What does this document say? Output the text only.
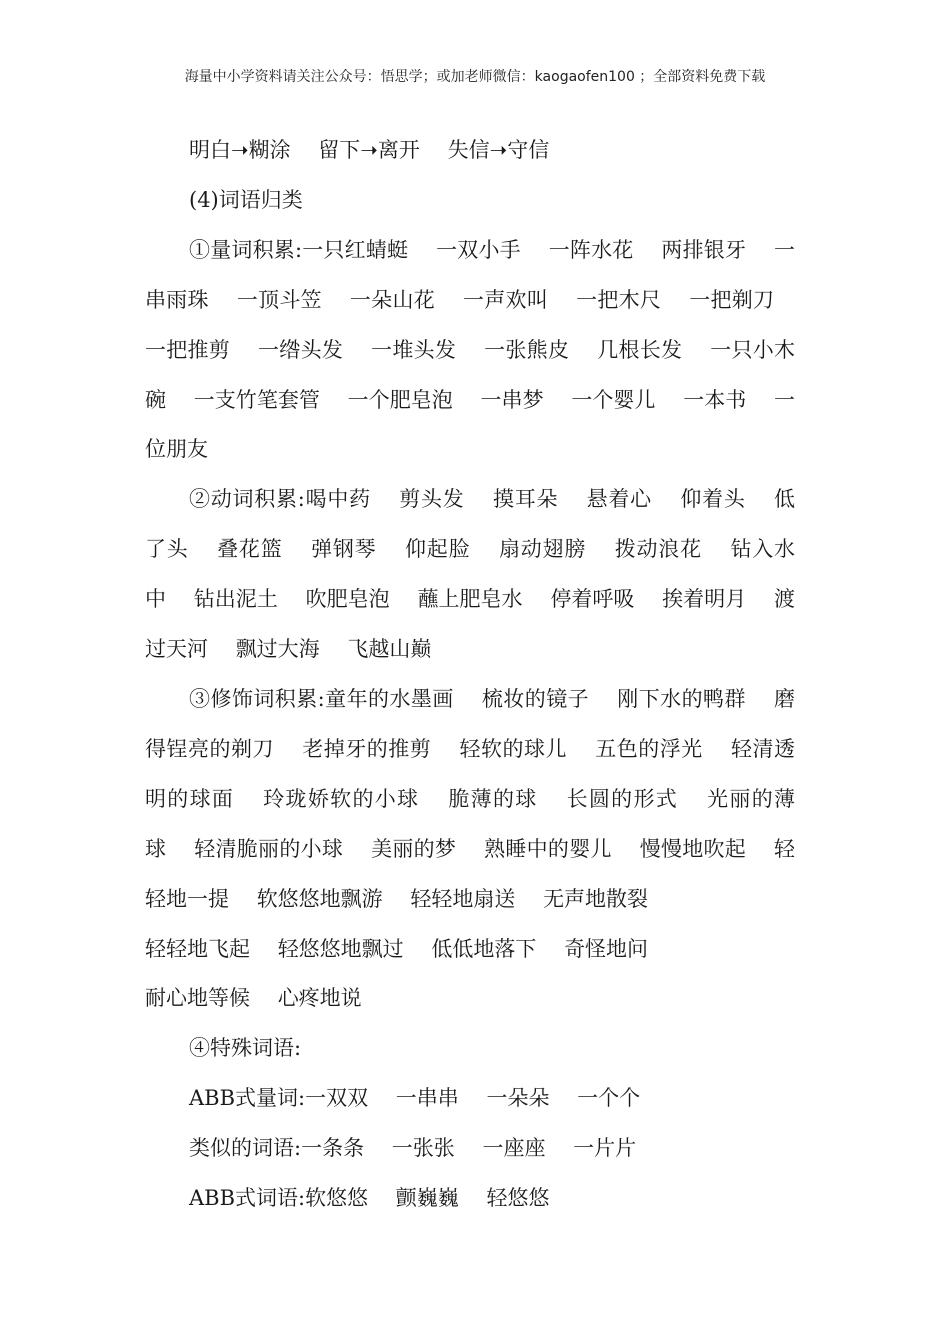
海量中小学资料请关注公众号：悟思学；或加老师微信：kaogaofen100 ；全部资料免费下载

明白➝糊涂 留下➝离开 失信➝守信

(4)词语归类

①量词积累:一只红蜻蜓 一双小手 一阵水花 两排银牙 一串雨珠 一顶斗笠 一朵山花 一声欢叫 一把木尺 一把剃刀 一把推剪 一绺头发 一堆头发 一张熊皮 几根长发 一只小木碗 一支竹笔套管 一个肥皂泡 一串梦 一个婴儿 一本书 一位朋友

②动词积累:喝中药 剪头发 摸耳朵 悬着心 仰着头 低了头 叠花篮 弹钢琴 仰起脸 扇动翅膀 拨动浪花 钻入水中 钻出泥土 吹肥皂泡 蘸上肥皂水 停着呼吸 挨着明月 渡过天河 飘过大海 飞越山巅

③修饰词积累:童年的水墨画 梳妆的镜子 刚下水的鸭群 磨得锃亮的剃刀 老掉牙的推剪 轻软的球儿 五色的浮光 轻清透明的球面 玲珑娇软的小球 脆薄的球 长圆的形式 光丽的薄球 轻清脆丽的小球 美丽的梦 熟睡中的婴儿 慢慢地吹起 轻轻地一提 软悠悠地飘游 轻轻地扇送 无声地散裂

轻轻地飞起 轻悠悠地飘过 低低地落下 奇怪地问

耐心地等候 心疼地说

④特殊词语:

ABB式量词:一双双 一串串 一朵朵 一个个

类似的词语:一条条 一张张 一座座 一片片

ABB式词语:软悠悠 颤巍巍 轻悠悠
